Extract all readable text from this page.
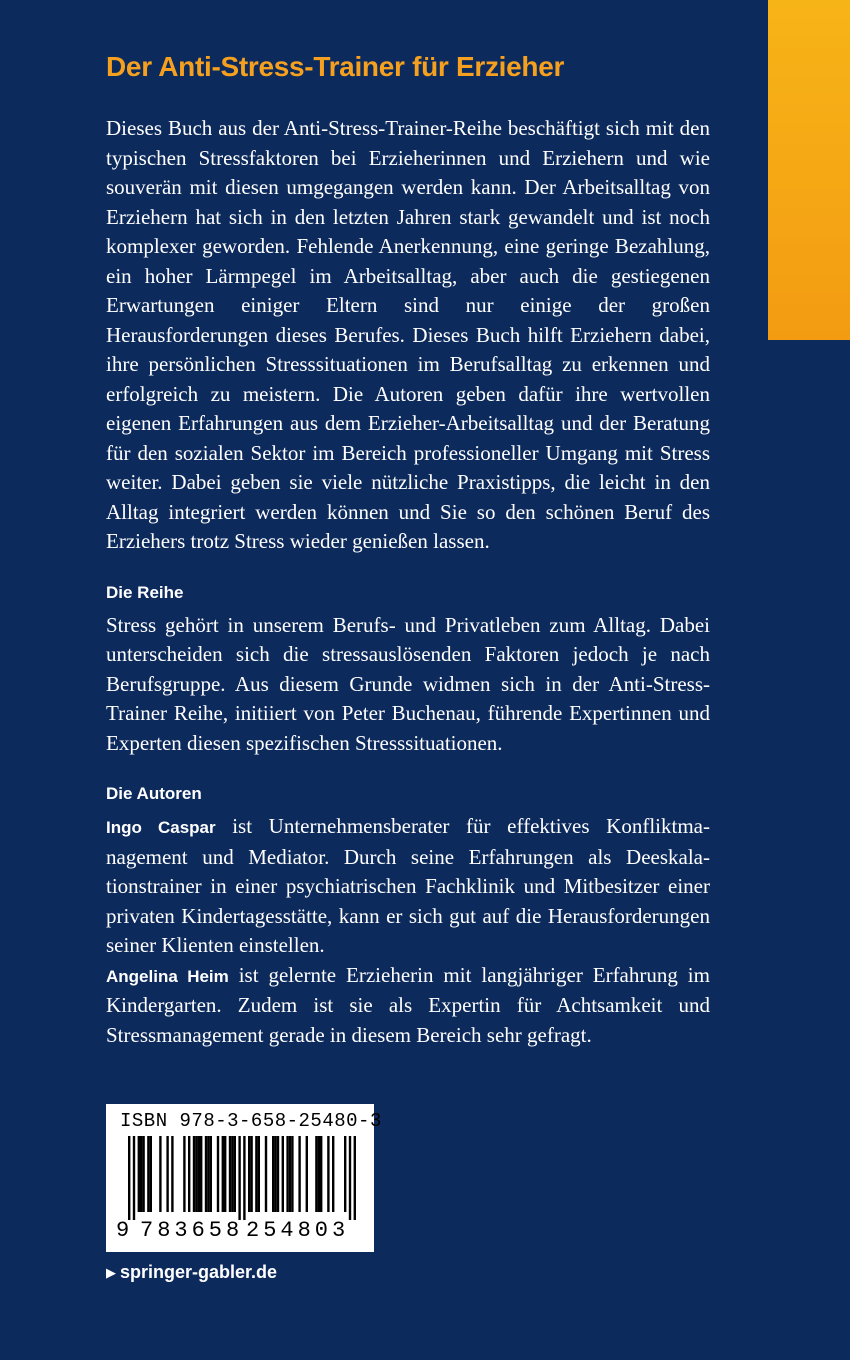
Der Anti-Stress-Trainer für Erzieher

Dieses Buch aus der Anti-Stress-Trainer-Reihe beschäftigt sich mit den typischen Stressfaktoren bei Erzieherinnen und Erziehern und wie souverän mit diesen umgegangen werden kann. Der Arbeitsalltag von Erziehern hat sich in den letzten Jahren stark gewandelt und ist noch komplexer geworden. Fehlende Anerkennung, eine geringe Bezahlung, ein hoher Lärmpegel im Arbeitsalltag, aber auch die gestiegenen Erwartungen einiger Eltern sind nur einige der großen Herausforderungen dieses Berufes. Dieses Buch hilft Erziehern dabei, ihre persönlichen Stresssituationen im Berufsalltag zu erkennen und erfolgreich zu meistern. Die Autoren geben dafür ihre wertvollen eigenen Erfahrungen aus dem Erzieher-Arbeitsalltag und der Beratung für den sozialen Sektor im Bereich professioneller Umgang mit Stress weiter. Dabei geben sie viele nützliche Praxistipps, die leicht in den Alltag integriert werden können und Sie so den schönen Beruf des Erziehers trotz Stress wieder genießen lassen.

Die Reihe

Stress gehört in unserem Berufs- und Privatleben zum Alltag. Dabei unterscheiden sich die stressauslösenden Faktoren jedoch je nach Berufsgruppe. Aus diesem Grunde widmen sich in der Anti-Stress-Trainer Reihe, initiiert von Peter Buchenau, führende Expertinnen und Experten diesen spezifischen Stresssituationen.

Die Autoren

Ingo Caspar ist Unternehmensberater für effektives Konfliktmanagement und Mediator. Durch seine Erfahrungen als Deeskalationstrainer in einer psychiatrischen Fachklinik und Mitbesitzer einer privaten Kindertagesstätte, kann er sich gut auf die Herausforderungen seiner Klienten einstellen.

Angelina Heim ist gelernte Erzieherin mit langjähriger Erfahrung im Kindergarten. Zudem ist sie als Expertin für Achtsamkeit und Stressmanagement gerade in diesem Bereich sehr gefragt.

ISBN 978-3-658-25480-3
9 783658 254803
▶ springer-gabler.de
